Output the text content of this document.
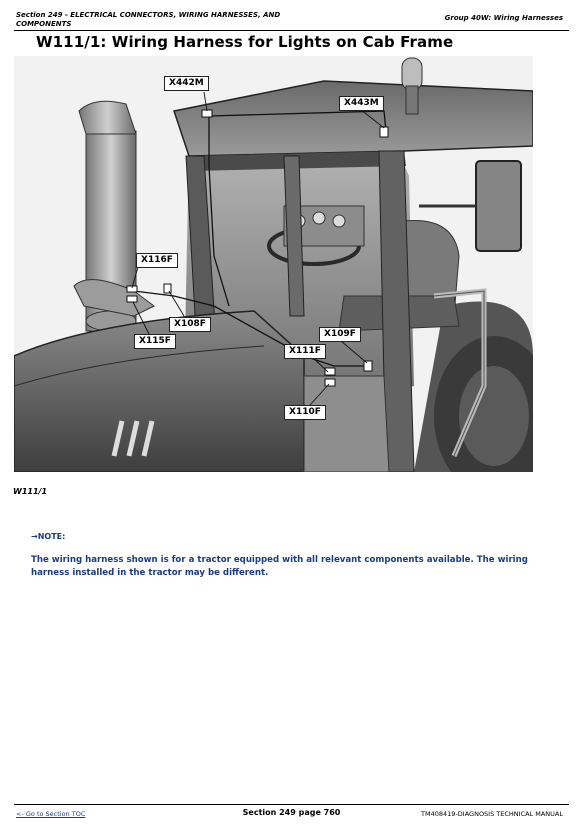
Section 249 - ELECTRICAL CONNECTORS, WIRING HARNESSES, AND COMPONENTS
Group 40W: Wiring Harnesses
W111/1: Wiring Harness for Lights on Cab Frame
X442M
X443M
X116F
X108F
X115F
X109F
X111F
X110F
W111/1
→NOTE:
The wiring harness shown is for a tractor equipped with all relevant components available. The wiring harness installed in the tractor may be different.
<- Go to Section TOC	Section 249 page 760	TM408419-DIAGNOSIS TECHNICAL MANUAL
